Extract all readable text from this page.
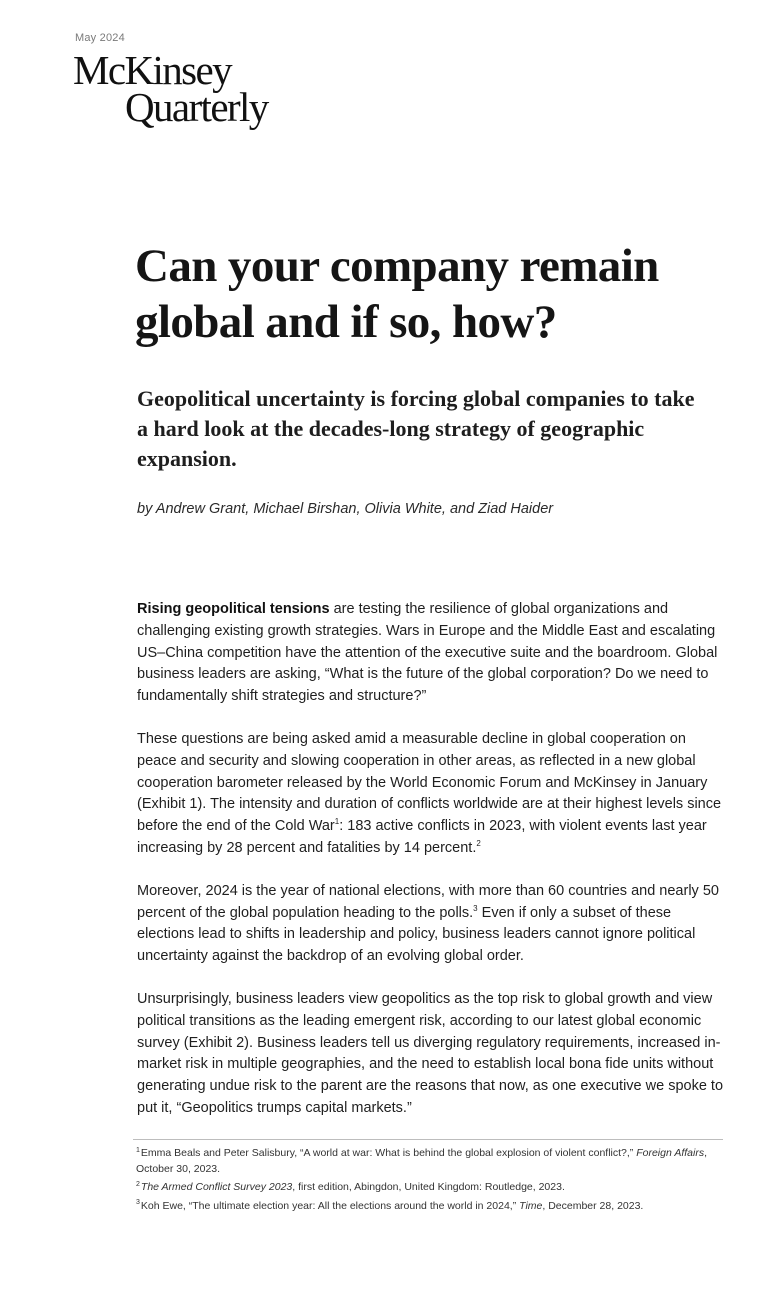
May 2024
McKinsey
Quarterly
Can your company remain global and if so, how?
Geopolitical uncertainty is forcing global companies to take a hard look at the decades-long strategy of geographic expansion.
by Andrew Grant, Michael Birshan, Olivia White, and Ziad Haider

Rising geopolitical tensions are testing the resilience of global organizations and challenging existing growth strategies. Wars in Europe and the Middle East and escalating US–China competition have the attention of the executive suite and the boardroom. Global business leaders are asking, “What is the future of the global corporation? Do we need to fundamentally shift strategies and structure?”

These questions are being asked amid a measurable decline in global cooperation on peace and security and slowing cooperation in other areas, as reflected in a new global cooperation barometer released by the World Economic Forum and McKinsey in January (Exhibit 1). The intensity and duration of conflicts worldwide are at their highest levels since before the end of the Cold War$^1$: 183 active conflicts in 2023, with violent events last year increasing by 28 percent and fatalities by 14 percent.$^2$

Moreover, 2024 is the year of national elections, with more than 60 countries and nearly 50 percent of the global population heading to the polls.$^3$ Even if only a subset of these elections lead to shifts in leadership and policy, business leaders cannot ignore political uncertainty against the backdrop of an evolving global order.

Unsurprisingly, business leaders view geopolitics as the top risk to global growth and view political transitions as the leading emergent risk, according to our latest global economic survey (Exhibit 2). Business leaders tell us diverging regulatory requirements, increased in-market risk in multiple geographies, and the need to establish local bona fide units without generating undue risk to the parent are the reasons that now, as one executive we spoke to put it, “Geopolitics trumps capital markets.”

$^1$Emma Beals and Peter Salisbury, “A world at war: What is behind the global explosion of violent conflict?,” Foreign Affairs, October 30, 2023.
$^2$The Armed Conflict Survey 2023, first edition, Abingdon, United Kingdom: Routledge, 2023.
$^3$Koh Ewe, “The ultimate election year: All the elections around the world in 2024,” Time, December 28, 2023.
